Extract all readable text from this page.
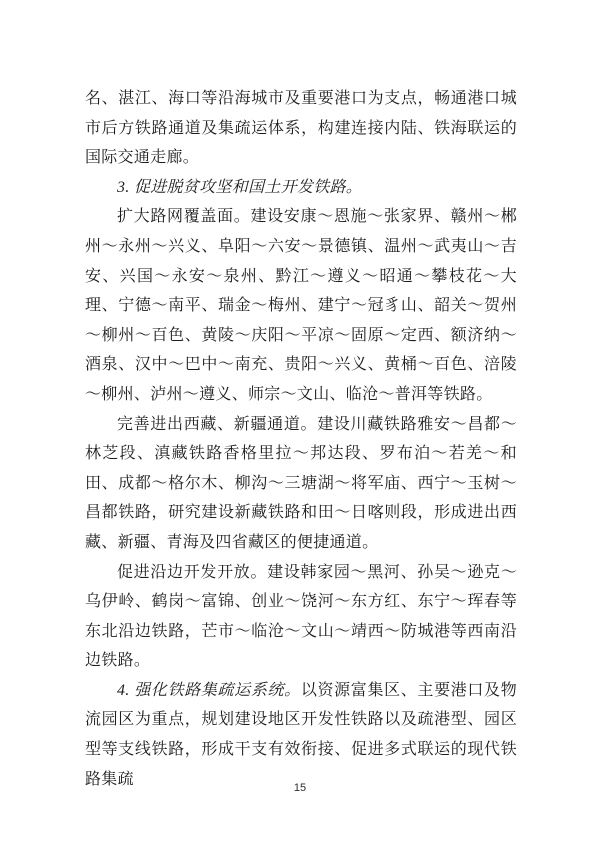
名、湛江、海口等沿海城市及重要港口为支点，畅通港口城市后方铁路通道及集疏运体系，构建连接内陆、铁海联运的国际交通走廊。

3. 促进脱贫攻坚和国土开发铁路。

扩大路网覆盖面。建设安康～恩施～张家界、赣州～郴州～永州～兴义、阜阳～六安～景德镇、温州～武夷山～吉安、兴国～永安～泉州、黔江～遵义～昭通～攀枝花～大理、宁德～南平、瑞金～梅州、建宁～冠豸山、韶关～贺州～柳州～百色、黄陵～庆阳～平凉～固原～定西、额济纳～酒泉、汉中～巴中～南充、贵阳～兴义、黄桶～百色、涪陵～柳州、泸州～遵义、师宗～文山、临沧～普洱等铁路。

完善进出西藏、新疆通道。建设川藏铁路雅安～昌都～林芝段、滇藏铁路香格里拉～邦达段、罗布泊～若羌～和田、成都～格尔木、柳沟～三塘湖～将军庙、西宁～玉树～昌都铁路，研究建设新藏铁路和田～日喀则段，形成进出西藏、新疆、青海及四省藏区的便捷通道。

促进沿边开发开放。建设韩家园～黑河、孙吴～逊克～乌伊岭、鹤岗～富锦、创业～饶河～东方红、东宁～珲春等东北沿边铁路，芒市～临沧～文山～靖西～防城港等西南沿边铁路。

4. 强化铁路集疏运系统。以资源富集区、主要港口及物流园区为重点，规划建设地区开发性铁路以及疏港型、园区型等支线铁路，形成干支有效衔接、促进多式联运的现代铁路集疏

15
